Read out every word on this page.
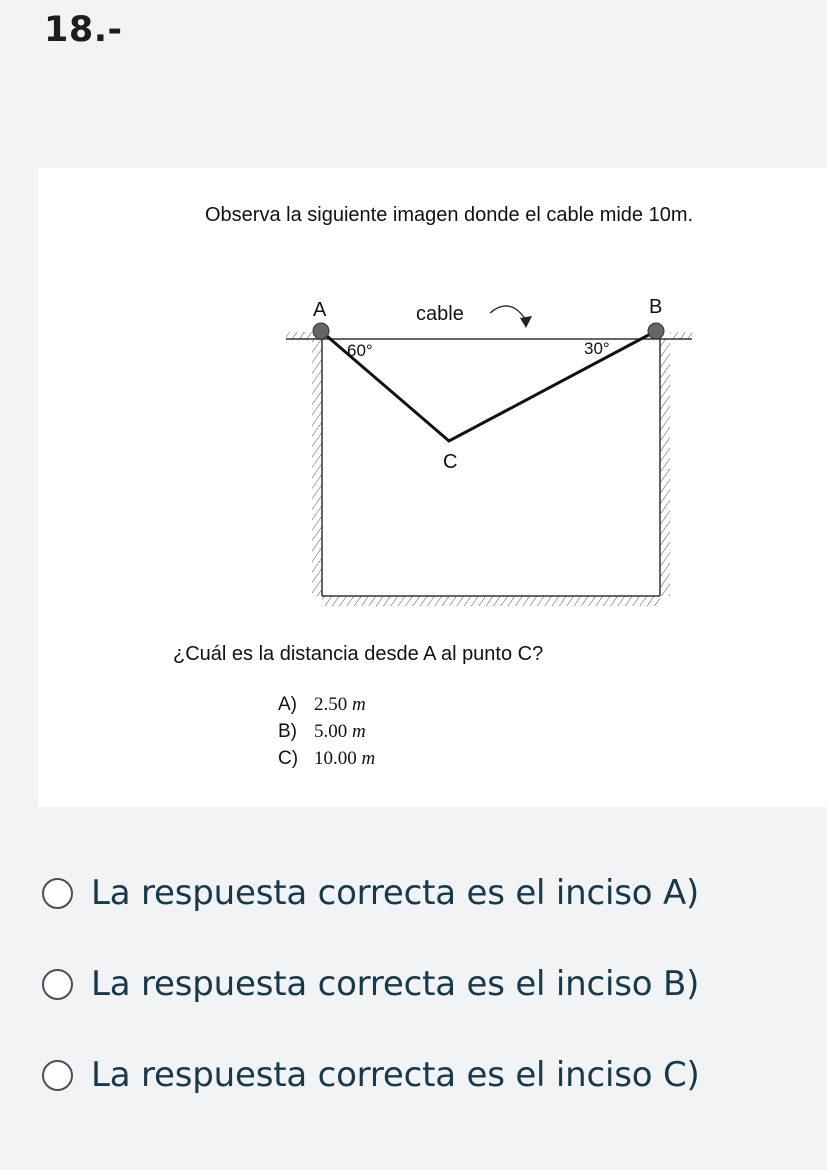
18.-
Observa la siguiente imagen donde el cable mide 10m.
A	B
C
cable
60°	30°
¿Cuál es la distancia desde A al punto C?
A) 2.50 m
B) 5.00 m
C) 10.00 m
La respuesta correcta es el inciso A)
La respuesta correcta es el inciso B)
La respuesta correcta es el inciso C)
